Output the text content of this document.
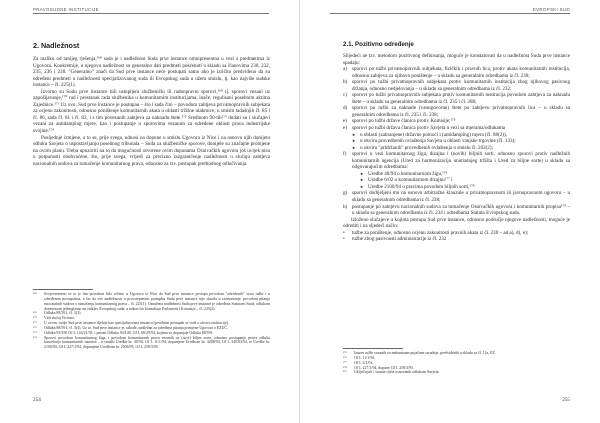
PRAVOSUDNE INSTITUCIJE
2. Nadležnost

Za razliku od ranijeg rješenja,¹⁶⁸ sada je i nadležnost Suda prve instance omnipresentna u vezi s predmetima iz Ugovora. Konkretnije, u njegovu nadležnost su generalno dati predmeti pokrenuti u skladu sa članovima 230, 232, 235, 236 i 238. "Generalno" znači da Sud prve instance neće postupati samo ako je izričito predviđeno da su određeni predmeti u nadležnosti specijalizovanog suda ili Evropskog suda u užem smislu, tj. kao najviše sudske instance – čl. 225(1).

Izvorno su Sudu prve instance bili ustupljeni službenički ili radnopravni sporovi,¹⁶⁹ tj. sporovi vezani uz zapošljavanje,¹⁷⁰ rad i prestanak rada službenika u komunitarnim institucijama, inače, regulisani posebnim aktima Zajednice.¹⁷¹ Uz ovo, Sud prve instance je postupao – što i sada čini – povodom zahtjeva privatnopravnih subjekata za ocjenu zakonitosti, odnosno poništenje komunitarnih akata u oblasti tržišne utakmice, u smislu tadašnjih čl. 85 i čl. 86, sada čl. 81 i čl. 82, i s tim povezanih zahtjeva za naknadu štete.¹⁷² Sredinom 90-tih¹⁷³ dodati su i slučajevi vezani za antidamping mjere, kao i postupanje u sporovima vezanim za određene oblasti prava industrijske svojine.¹⁷⁴

Posljednje izmjene, a to se, prije svega, odnosi na dopune u smislu Ugovora iz Nice i na osnovu njih donijetu odluku Savjeta o uspostavljanju posebnog tribunala – Suda za službeničke sporove, donijele su značajne promjene na ovom planu. Treba upozoriti na to da mogućnosti otvorene ovim dopunama Osnivačkih ugovora još uvijek nisu u potpunosti obuhvaćene, što, prije svega, vrijedi za precizno razgraničenje nadležnosti u slučaju zahtjeva nacionalnih sudova za tumačenje komunitarnog prava, odnosno za tzv. postupak prethodnog odlučivanja.

¹⁶⁸	Svojevremeno se to je tim povodom bilo rečeno u Ugovoru iz Nice da Sud prve instance postupa povodom "odredenih" vrsta tužbi i u određenim postupcima, a što do sve nadležnosti u prvostepenom postupku Suda prve instance nije ulazilo u razmatranje, povodom pitanja nacionalnih sudova o tumačenju komunitarnog prava – čl. 225(1). Osnažena nadležnost Suda prve instance je određena Statutom Suda, odlukom donesenom jednoglasno na zahtjev Evropskog suda, a nakon što konsultuje Parlament i Komisiju – čl. 225(2).
¹⁶⁹	Odluka 88/591, čl. 3(1).
¹⁷⁰	Vidi slučaj Viciano.
¹⁷¹	U ovom, ovdje Sud prve instance djeluje kao specijalizovana instanca (prvobitni postupak se vodi u okviru institucije).
¹⁷²	Odluka 88/591, čl. 3(4). Uz to, Sud prve instance je, takođe, nadležan za određena pitanja primjene Ugovora o EZUČ.
¹⁷³	Odluka 93/350 OJ L 144/21/93, i potom Odluka 94/149, OJ L 66/29/94, kojima se dopunjuje Odluka 88/591.
¹⁷⁴	Sporovi povodom komunitarnog žiga, i povodom komunitarnih prava vezanih uz (novi) biljne sorte, odnosno postupanje protiv odluka kancelarije komunitarnih nazaiva – u smislu Uredbe br. 40/94, OJ L 11/1/94, dopunjene Uredbom br. 3288/94, OJ L 349/83/94, te Uredbe br. 2100/94, OJ L 227/1/94, dopunjene Uredbom br. 2506/95, OJ L 258/3/95.
254
EVROPSKI SUD
2.1. Pozitivno određenje

Slijedeći ne tzv. metodom pozitivnog definisanja, moguće je konstatovati da u nadležnost Suda prve instance spadaju:

a) sporovi po tužbi privatnopravnih subjekata, fizičkih i pravnih lica, protiv akata komunitarnih institucija, odnosno zahtjeva za njihovo poništenje – u skladu sa generalnim odredbama iz čl. 230;
b) sporovi po tužbi privatnopravnih subjekata protiv komunitarnih institucija zbog njihovog pasivnog držanja, odnosno nedjelovanja – u skladu sa generalnim odredbama iz čl. 232;
c) sporovi po tužbi privatnopravnih subjekata protiv komunitarnih institucija povodom zahtjeva za naknadu štete – u skladu sa generalnim odredbama iz čl. 235 i čl. 288;
d) sporovi po tužbi za naknade (vanugovorne) štete po zahtjevu privatnopravnih lica – u skladu sa generalnim odredbama iz čl. 235 i čl. 238;
e) sporovi po tužbi države članica protiv Komisije;¹⁷⁵
e) sporovi po tužbi država članica protiv Savjeta u vezi sa mjerama/odlukama
► u oblasti (zabranjene) državne pomoći i (antidamping) mjera (čl. 88(2)),
► u okviru provedbenih ovlaštenja Savjeta u oblasti vanjske trgovine (čl. 133);
► u okviru "pridržanih" provedbenih ovlaštenja u smislu čl. 202(2);
f)	sporovi u vezi komunitarnog žiga, dizajna i (novih) biljnih sorti, odnosno sporovi protiv nadležnih komunitarnih agencija (Ured za harmonizaciju unutrašnjeg tržišta i Ured za biljne sorte) u skladu sa odgovarajućim odredbama:
► Uredbe 40/94 o komunitarnom žigu,¹⁷⁶
► Uredbe 6/02 o komunitarnom dizajnu¹⁷⁷ i
► Uredbe 2100/94 o pravima povodom biljnih sorti,¹⁷⁸
g) sporovi dodijeljeni mu na osnovu arbitražne klauzule u privatnopravnom ili javnopravnom ugovoru – u skladu sa generalnim odredbama iz čl. 238;
h) postupanje po zahtjevu nacionalnih sudova za tumačenje Osnivačkih ugovora i komunitarnih propisa¹⁷⁹ – u skladu sa generalnim odredbama iz čl. 234 i odredbama Statuta Evropskog suda.

Izloženo slučajeve u kojima postupa Sud prve instance, odnosno područje njegove nadležnosti, moguće je odrediti i na sljedeći način:

•	tužbe za poništenje, odnosno ocjenu zakonitosti pravnih akata iz čl. 230 – ad a), d), e);
•	tužbe zbog pasivnosti administracije iz čl. 232
¹⁷⁵	Izuzev tužbi vezanih za mehanizam pojačane saradnje, predviđenih u skladu sa čl. 11a, EZ.
¹⁷⁶	OJ L 11/1/94.
¹⁷⁷	OJ L 3/1/02.
¹⁷⁸	OJ L 227/1/94, dopune OJ L 258/3/95.
¹⁷⁹	Uključujući i statute tijela osnovanih odlukom Savjeta.
255
